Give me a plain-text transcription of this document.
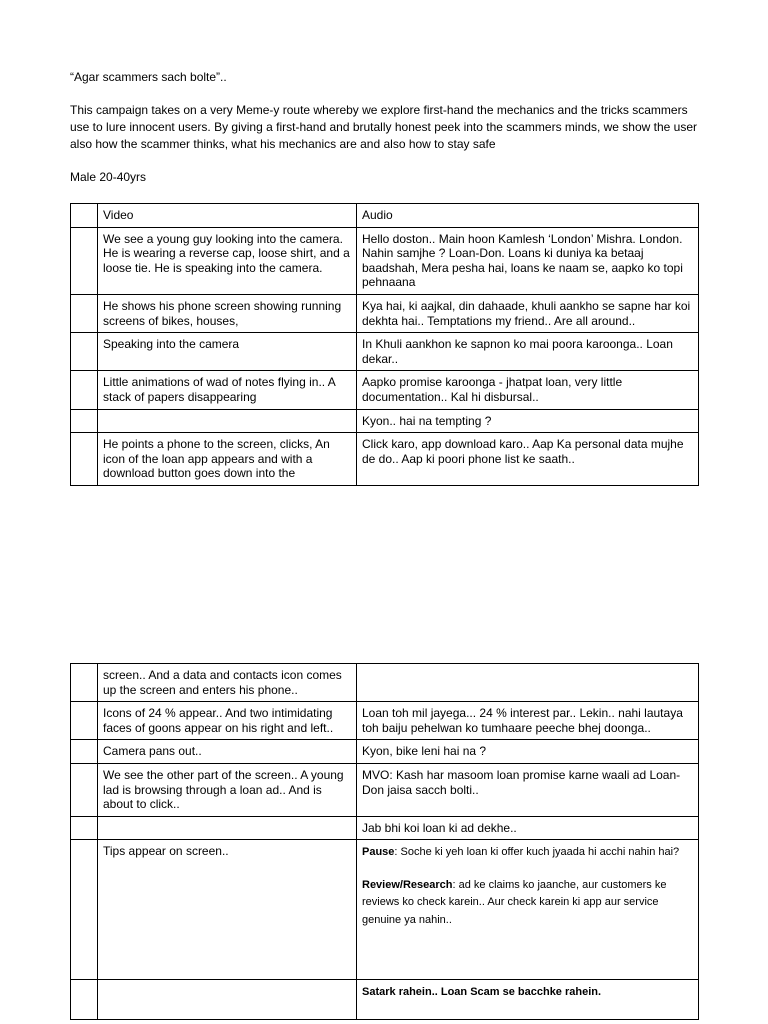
“Agar scammers sach bolte”..

This campaign takes on a very Meme-y route whereby we explore first-hand the mechanics and the tricks scammers use to lure innocent users. By giving a first-hand and brutally honest peek into the scammers minds, we show the user also how the scammer thinks, what his mechanics are and also how to stay safe

Male 20-40yrs

	Video	Audio
	We see a young guy looking into the camera. He is wearing a reverse cap, loose shirt, and a loose tie. He is speaking into the camera.	Hello doston.. Main hoon Kamlesh ‘London’ Mishra. London. Nahin samjhe ? Loan-Don. Loans ki duniya ka betaaj baadshah, Mera pesha hai, loans ke naam se, aapko ko topi pehnaana
	He shows his phone screen showing running screens of bikes, houses,	Kya hai, ki aajkal, din dahaade, khuli aankho se sapne har koi dekhta hai.. Temptations my friend.. Are all around..
	Speaking into the camera	In Khuli aankhon ke sapnon ko mai poora karoonga.. Loan dekar..
	Little animations of wad of notes flying in.. A stack of papers disappearing	Aapko promise karoonga - jhatpat loan, very little documentation.. Kal hi disbursal..
		Kyon.. hai na tempting ?
	He points a phone to the screen, clicks, An icon of the loan app appears and with a download button goes down into the	Click karo, app download karo.. Aap Ka personal data mujhe de do.. Aap ki poori phone list ke saath..
	screen.. And a data and contacts icon comes up the screen and enters his phone..	
	Icons of 24 % appear.. And two intimidating faces of goons appear on his right and left..	Loan toh mil jayega... 24 % interest par.. Lekin.. nahi lautaya toh baiju pehelwan ko tumhaare peeche bhej doonga..
	Camera pans out..	Kyon, bike leni hai na ?
	We see the other part of the screen.. A young lad is browsing through a loan ad.. And is about to click..	MVO: Kash har masoom loan promise karne waali ad Loan-Don jaisa sacch bolti..
		Jab bhi koi loan ki ad dekhe..
	Tips appear on screen..	Pause: Soche ki yeh loan ki offer kuch jyaada hi acchi nahin hai?
Review/Research: ad ke claims ko jaanche, aur customers ke reviews ko check karein.. Aur check karein ki app aur service genuine ya nahin..

		Satark rahein.. Loan Scam se bacchke rahein.
